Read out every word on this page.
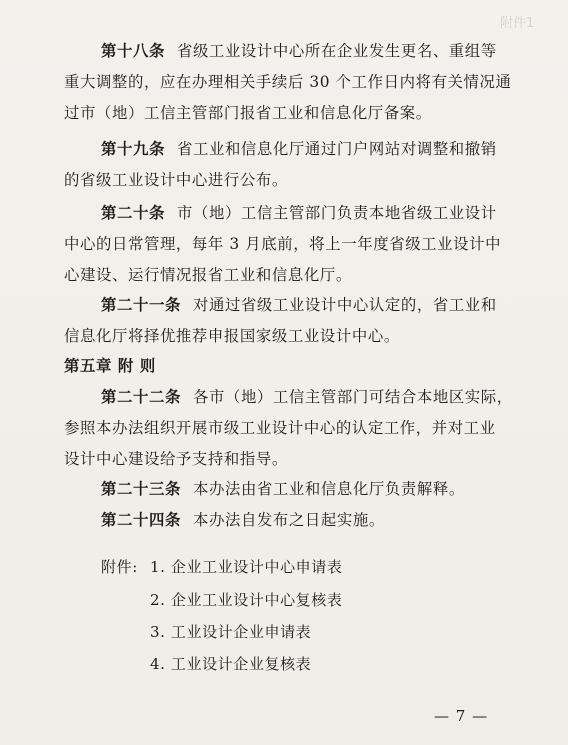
附件1
第十八条 省级工业设计中心所在企业发生更名、重组等
重大调整的，应在办理相关手续后 30 个工作日内将有关情况通
过市（地）工信主管部门报省工业和信息化厅备案。
第十九条 省工业和信息化厅通过门户网站对调整和撤销
的省级工业设计中心进行公布。
第二十条 市（地）工信主管部门负责本地省级工业设计
中心的日常管理，每年 3 月底前，将上一年度省级工业设计中
心建设、运行情况报省工业和信息化厅。
第二十一条 对通过省级工业设计中心认定的，省工业和
信息化厅将择优推荐申报国家级工业设计中心。
第五章 附 则
第二十二条 各市（地）工信主管部门可结合本地区实际，
参照本办法组织开展市级工业设计中心的认定工作，并对工业
设计中心建设给予支持和指导。
第二十三条 本办法由省工业和信息化厅负责解释。
第二十四条 本办法自发布之日起实施。
附件: 1. 企业工业设计中心申请表
2. 企业工业设计中心复核表
3. 工业设计企业申请表
4. 工业设计企业复核表
— 7 —
